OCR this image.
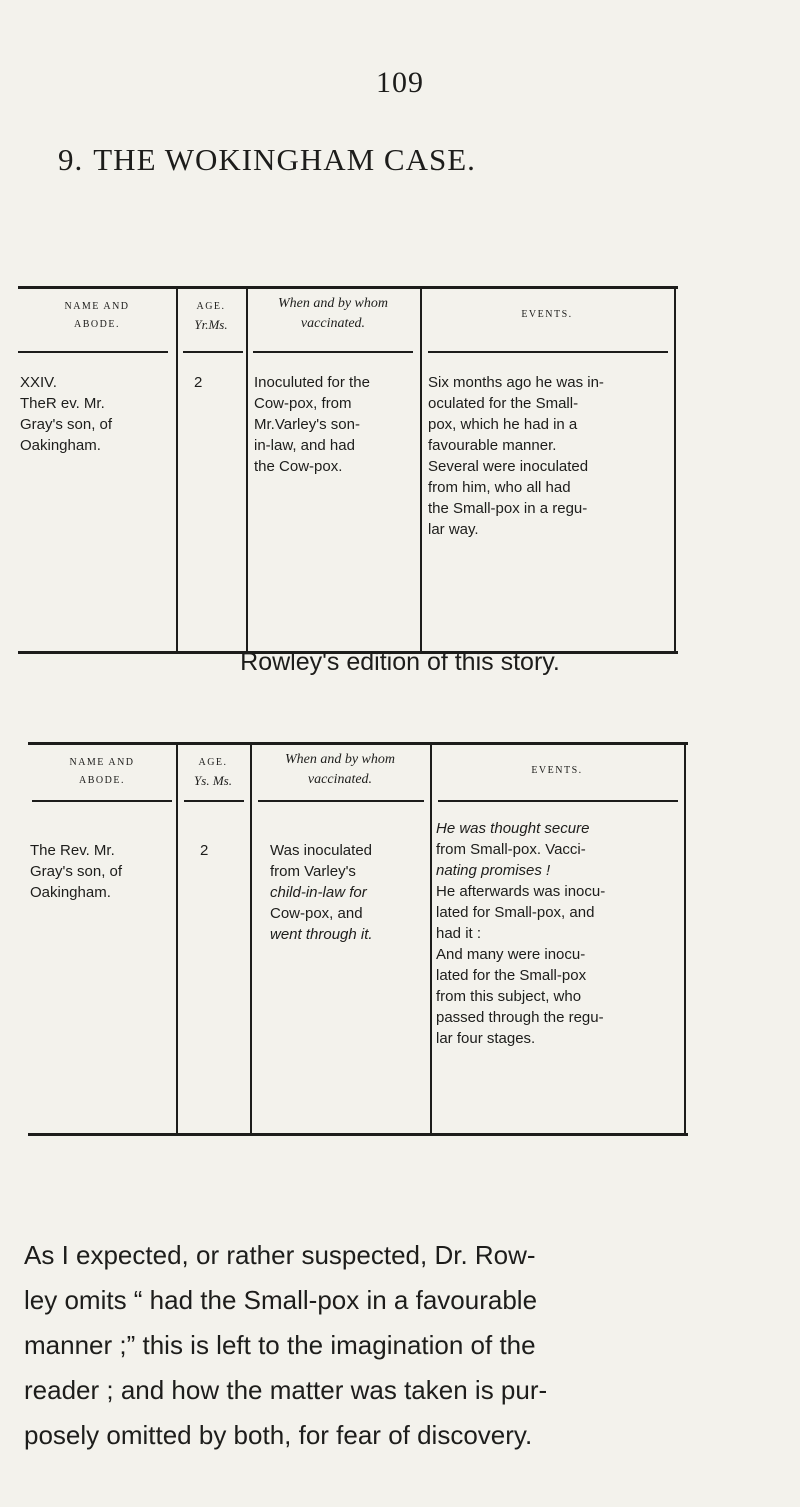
109
9. THE WOKINGHAM CASE.
NAME AND
ABODE.
AGE.
Yr.Ms.
When and by whom
vaccinated.
EVENTS.
XXIV.
TheR ev. Mr.
Gray's son, of
Oakingham.
2	Inoculuted for the
Cow-pox, from
Mr.Varley's son-
in-law, and had
the Cow-pox.
Six months ago he was in-
oculated for the Small-
pox, which he had in a
favourable manner.
Several were inoculated
from him, who all had
the Small-pox in a regu-
lar way.
Rowley's edition of this story.
NAME AND
ABODE.
AGE.
Ys. Ms.
When and by whom
vaccinated.
EVENTS.
The Rev. Mr.
Gray's son, of
Oakingham.
2	Was inoculated
from Varley's
child-in-law for
Cow-pox, and
went through it.
He was thought secure
from Small-pox. Vacci-
nating promises !
He afterwards was inocu-
lated for Small-pox, and
had it :
And many were inocu-
lated for the Small-pox
from this subject, who
passed through the regu-
lar four stages.
As I expected, or rather suspected, Dr. Row-
ley omits “ had the Small-pox in a favourable
manner ;” this is left to the imagination of the
reader ; and how the matter was taken is pur-
posely omitted by both, for fear of discovery.
